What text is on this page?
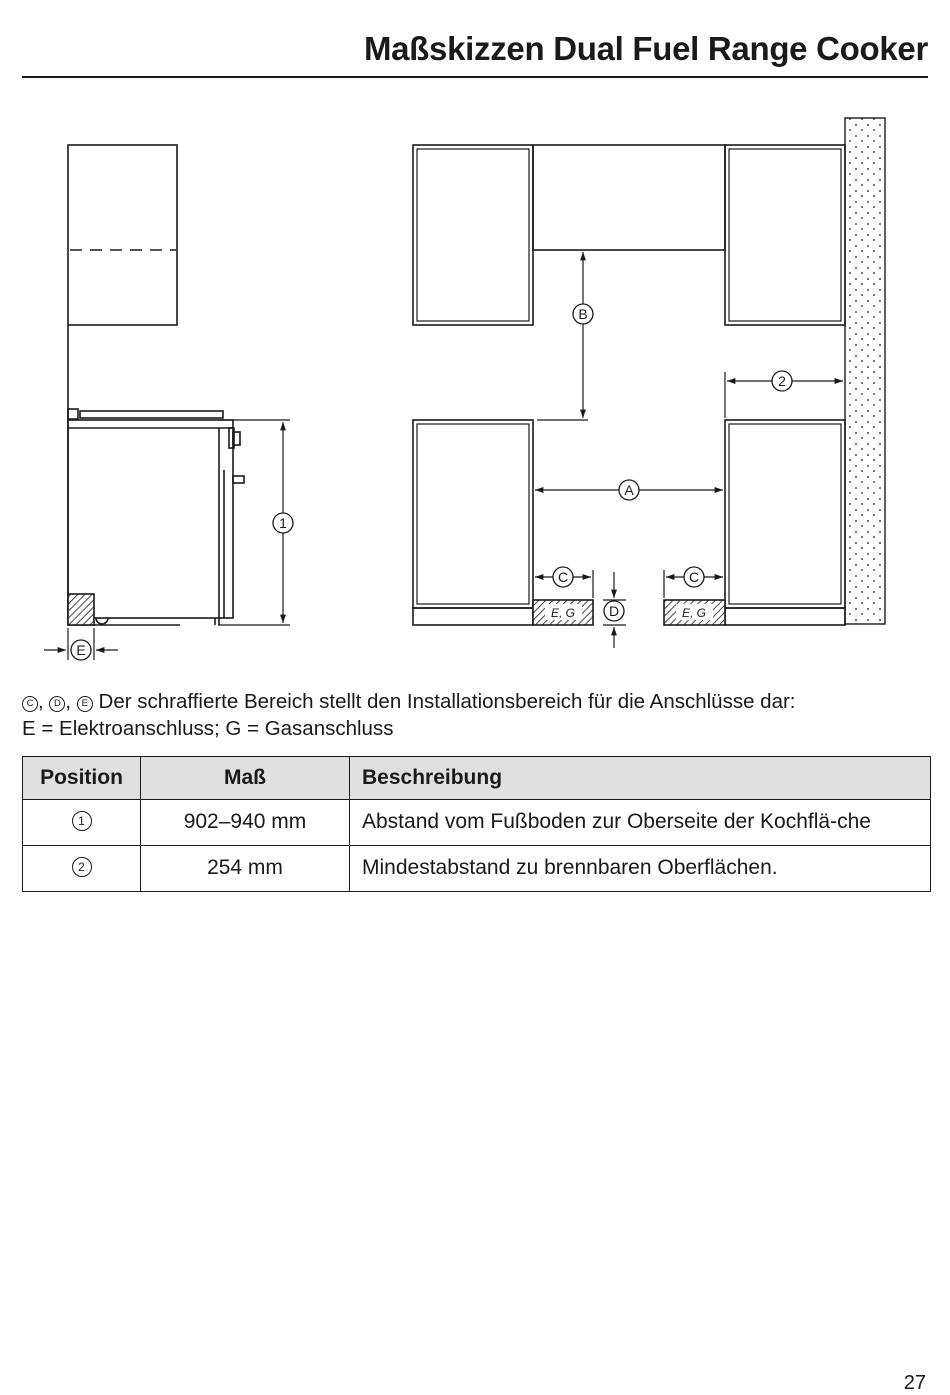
Maßskizzen Dual Fuel Range Cooker
1
E
B
2
A
C	C
D
E, G	E, G
C , D , E Der schraffierte Bereich stellt den Installationsbereich für die Anschlüsse dar:
E = Elektroanschluss; G = Gasanschluss
Position	Maß	Beschreibung
1	902–940 mm	Abstand vom Fußboden zur Oberseite der Kochflä-che
2	254 mm	Mindestabstand zu brennbaren Oberflächen.
27
